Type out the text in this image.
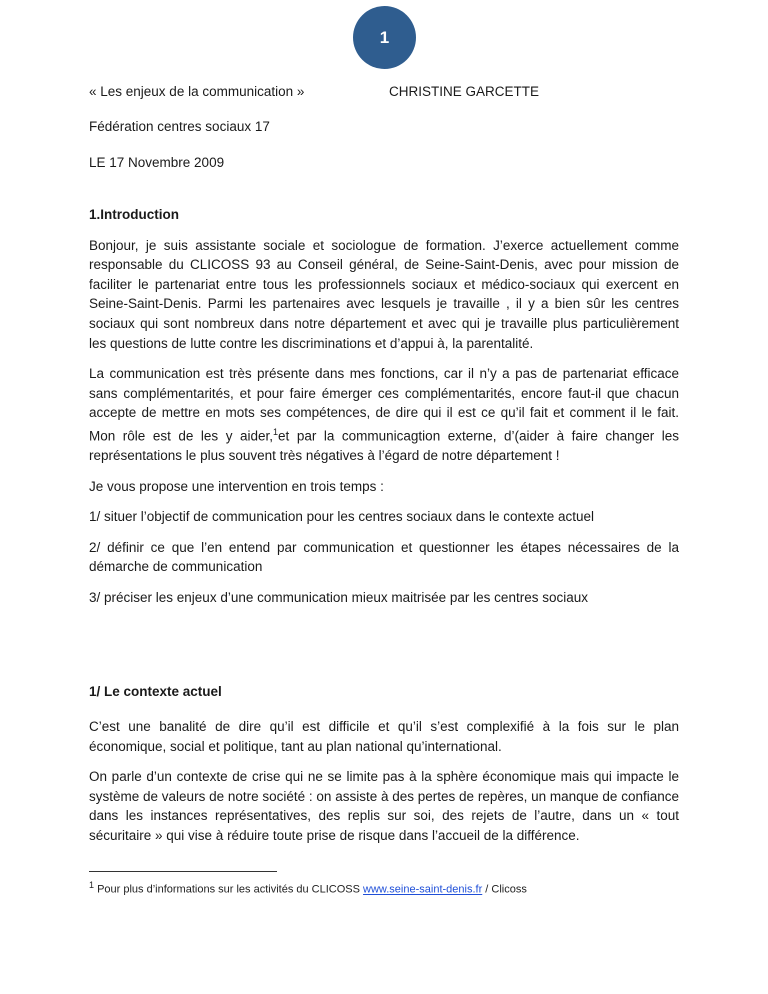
1
« Les enjeux de la communication »	CHRISTINE GARCETTE
Fédération centres sociaux 17
LE 17 Novembre 2009
1.Introduction

Bonjour, je suis assistante sociale et sociologue de formation. J’exerce actuellement comme responsable du CLICOSS 93 au Conseil général, de Seine-Saint-Denis, avec pour mission de faciliter le partenariat entre tous les professionnels sociaux et médico-sociaux qui exercent en Seine-Saint-Denis. Parmi les partenaires avec lesquels je travaille , il y a bien sûr les centres sociaux qui sont nombreux dans notre département et avec qui je travaille plus particulièrement les questions de lutte contre les discriminations et d’appui à, la parentalité.

La communication est très présente dans mes fonctions, car il n’y a pas de partenariat efficace sans complémentarités, et pour faire émerger ces complémentarités, encore faut-il que chacun accepte de mettre en mots ses compétences, de dire qui il est ce qu’il fait et comment il le fait. Mon rôle est de les y aider,$^1$et par la communicagtion externe, d’(aider à faire changer les représentations le plus souvent très négatives à l’égard de notre département !

Je vous propose une intervention en trois temps :

1/ situer l’objectif de communication pour les centres sociaux dans le contexte actuel

2/ définir ce que l’en entend par communication et questionner les étapes nécessaires de la démarche de communication

3/ préciser les enjeux d’une communication mieux maitrisée par les centres sociaux

1/ Le contexte actuel

C’est une banalité de dire qu’il est difficile et qu’il s’est complexifié à la fois sur le plan économique, social et politique, tant au plan national qu’international.

On parle d’un contexte de crise qui ne se limite pas à la sphère économique mais qui impacte le système de valeurs de notre société : on assiste à des pertes de repères, un manque de confiance dans les instances représentatives, des replis sur soi, des rejets de l’autre, dans un « tout sécuritaire » qui vise à réduire toute prise de risque dans l’accueil de la différence.

$^1$ Pour plus d’informations sur les activités du CLICOSS www.seine-saint-denis.fr / Clicoss
